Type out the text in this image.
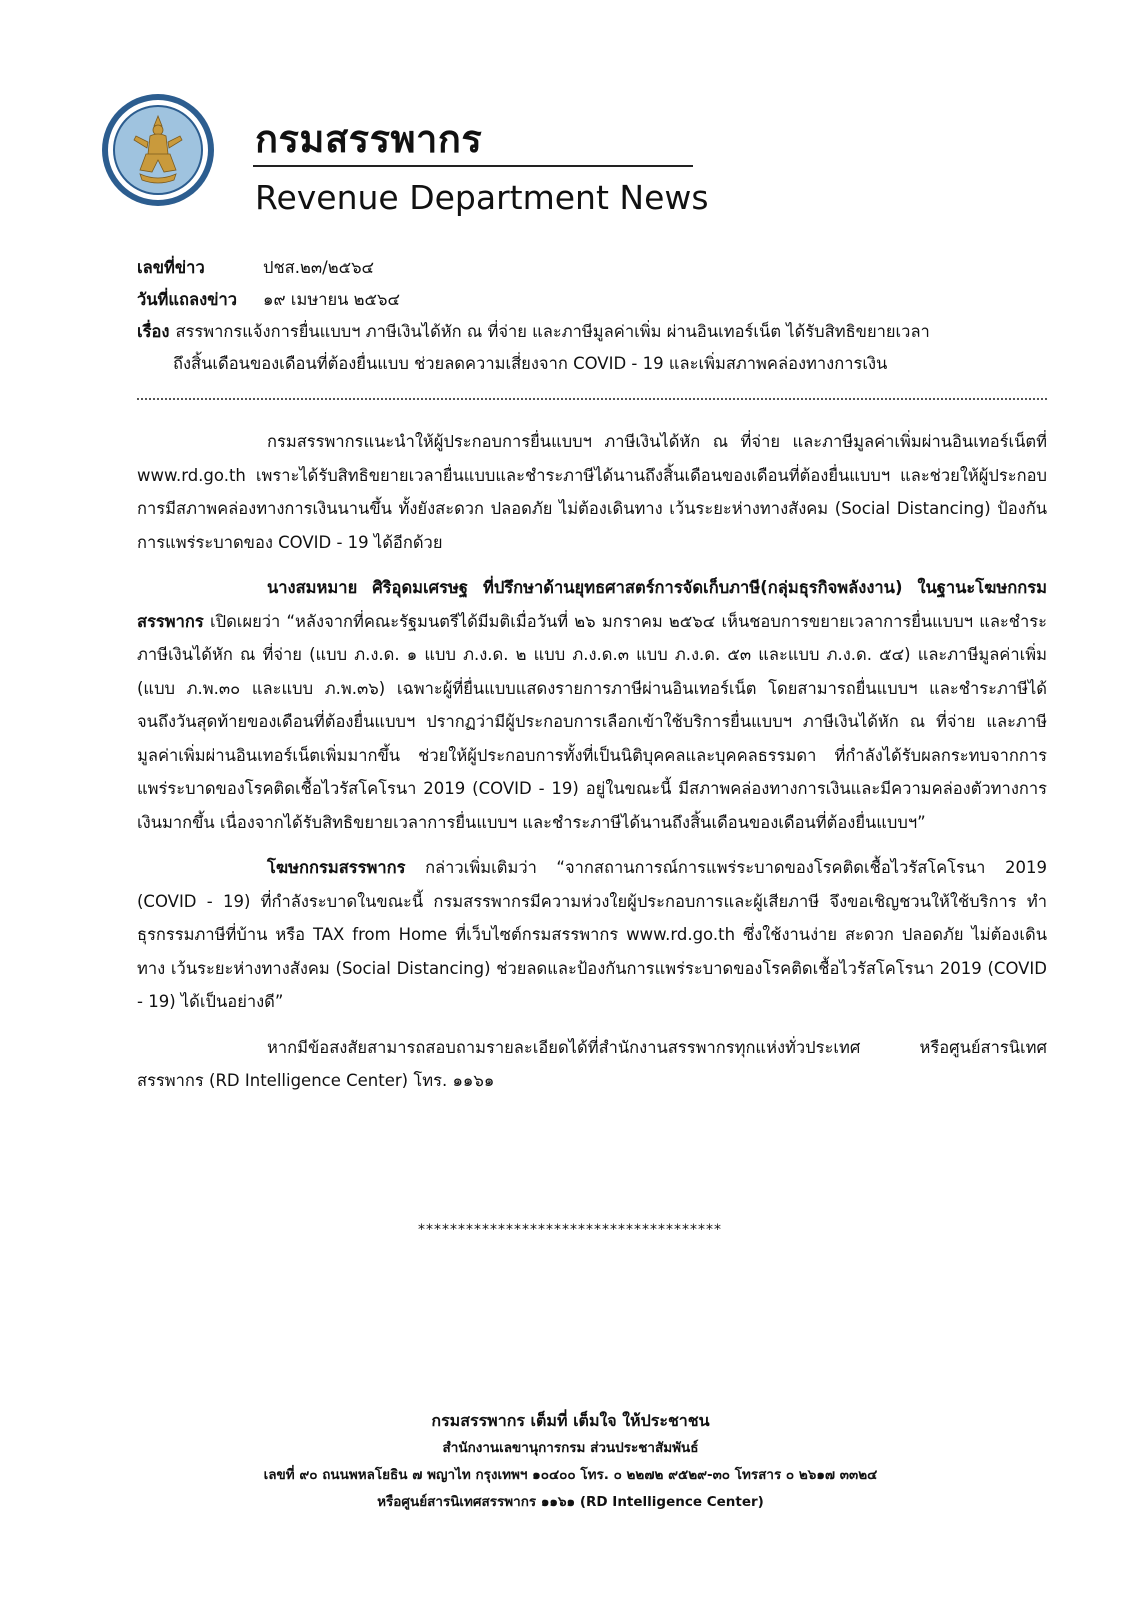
กรมสรรพากร
Revenue Department News
เลขที่ข่าว	ปชส.๒๓/๒๕๖๔
วันที่แถลงข่าว	๑๙ เมษายน ๒๕๖๔
เรื่อง สรรพากรแจ้งการยื่นแบบฯ ภาษีเงินได้หัก ณ ที่จ่าย และภาษีมูลค่าเพิ่ม ผ่านอินเทอร์เน็ต ได้รับสิทธิขยายเวลา
ถึงสิ้นเดือนของเดือนที่ต้องยื่นแบบ ช่วยลดความเสี่ยงจาก COVID - 19 และเพิ่มสภาพคล่องทางการเงิน

กรมสรรพากรแนะนำให้ผู้ประกอบการยื่นแบบฯ ภาษีเงินได้หัก ณ ที่จ่าย และภาษีมูลค่าเพิ่มผ่านอินเทอร์เน็ตที่ www.rd.go.th เพราะได้รับสิทธิขยายเวลายื่นแบบและชำระภาษีได้นานถึงสิ้นเดือนของเดือนที่ต้องยื่นแบบฯ และช่วยให้ผู้ประกอบการมีสภาพคล่องทางการเงินนานขึ้น ทั้งยังสะดวก ปลอดภัย ไม่ต้องเดินทาง เว้นระยะห่างทางสังคม (Social Distancing) ป้องกันการแพร่ระบาดของ COVID - 19 ได้อีกด้วย

นางสมหมาย ศิริอุดมเศรษฐ ที่ปรึกษาด้านยุทธศาสตร์การจัดเก็บภาษี(กลุ่มธุรกิจพลังงาน) ในฐานะโฆษกกรมสรรพากร เปิดเผยว่า “หลังจากที่คณะรัฐมนตรีได้มีมติเมื่อวันที่ ๒๖ มกราคม ๒๕๖๔ เห็นชอบการขยายเวลาการยื่นแบบฯ และชำระภาษีเงินได้หัก ณ ที่จ่าย (แบบ ภ.ง.ด. ๑ แบบ ภ.ง.ด. ๒ แบบ ภ.ง.ด.๓ แบบ ภ.ง.ด. ๕๓ และแบบ ภ.ง.ด. ๕๔) และภาษีมูลค่าเพิ่ม (แบบ ภ.พ.๓๐ และแบบ ภ.พ.๓๖) เฉพาะผู้ที่ยื่นแบบแสดงรายการภาษีผ่านอินเทอร์เน็ต โดยสามารถยื่นแบบฯ และชำระภาษีได้จนถึงวันสุดท้ายของเดือนที่ต้องยื่นแบบฯ ปรากฏว่ามีผู้ประกอบการเลือกเข้าใช้บริการยื่นแบบฯ ภาษีเงินได้หัก ณ ที่จ่าย และภาษีมูลค่าเพิ่มผ่านอินเทอร์เน็ตเพิ่มมากขึ้น ช่วยให้ผู้ประกอบการทั้งที่เป็นนิติบุคคลและบุคคลธรรมดา ที่กำลังได้รับผลกระทบจากการแพร่ระบาดของโรคติดเชื้อไวรัสโคโรนา 2019 (COVID - 19) อยู่ในขณะนี้ มีสภาพคล่องทางการเงินและมีความคล่องตัวทางการเงินมากขึ้น เนื่องจากได้รับสิทธิขยายเวลาการยื่นแบบฯ และชำระภาษีได้นานถึงสิ้นเดือนของเดือนที่ต้องยื่นแบบฯ”

โฆษกกรมสรรพากร กล่าวเพิ่มเติมว่า “จากสถานการณ์การแพร่ระบาดของโรคติดเชื้อไวรัสโคโรนา 2019 (COVID - 19) ที่กำลังระบาดในขณะนี้ กรมสรรพากรมีความห่วงใยผู้ประกอบการและผู้เสียภาษี จึงขอเชิญชวนให้ใช้บริการ ทำธุรกรรมภาษีที่บ้าน หรือ TAX from Home ที่เว็บไซต์กรมสรรพากร www.rd.go.th ซึ่งใช้งานง่าย สะดวก ปลอดภัย ไม่ต้องเดินทาง เว้นระยะห่างทางสังคม (Social Distancing) ช่วยลดและป้องกันการแพร่ระบาดของโรคติดเชื้อไวรัสโคโรนา 2019 (COVID - 19) ได้เป็นอย่างดี”

หากมีข้อสงสัยสามารถสอบถามรายละเอียดได้ที่สำนักงานสรรพากรทุกแห่งทั่วประเทศ หรือศูนย์สารนิเทศสรรพากร (RD Intelligence Center) โทร. ๑๑๖๑

**************************************
กรมสรรพากร เต็มที่ เต็มใจ ให้ประชาชน
สำนักงานเลขานุการกรม ส่วนประชาสัมพันธ์
เลขที่ ๙๐ ถนนพหลโยธิน ๗ พญาไท กรุงเทพฯ ๑๐๔๐๐ โทร. ๐ ๒๒๗๒ ๙๕๒๙-๓๐ โทรสาร ๐ ๒๖๑๗ ๓๓๒๔
หรือศูนย์สารนิเทศสรรพากร ๑๑๖๑ (RD Intelligence Center)
